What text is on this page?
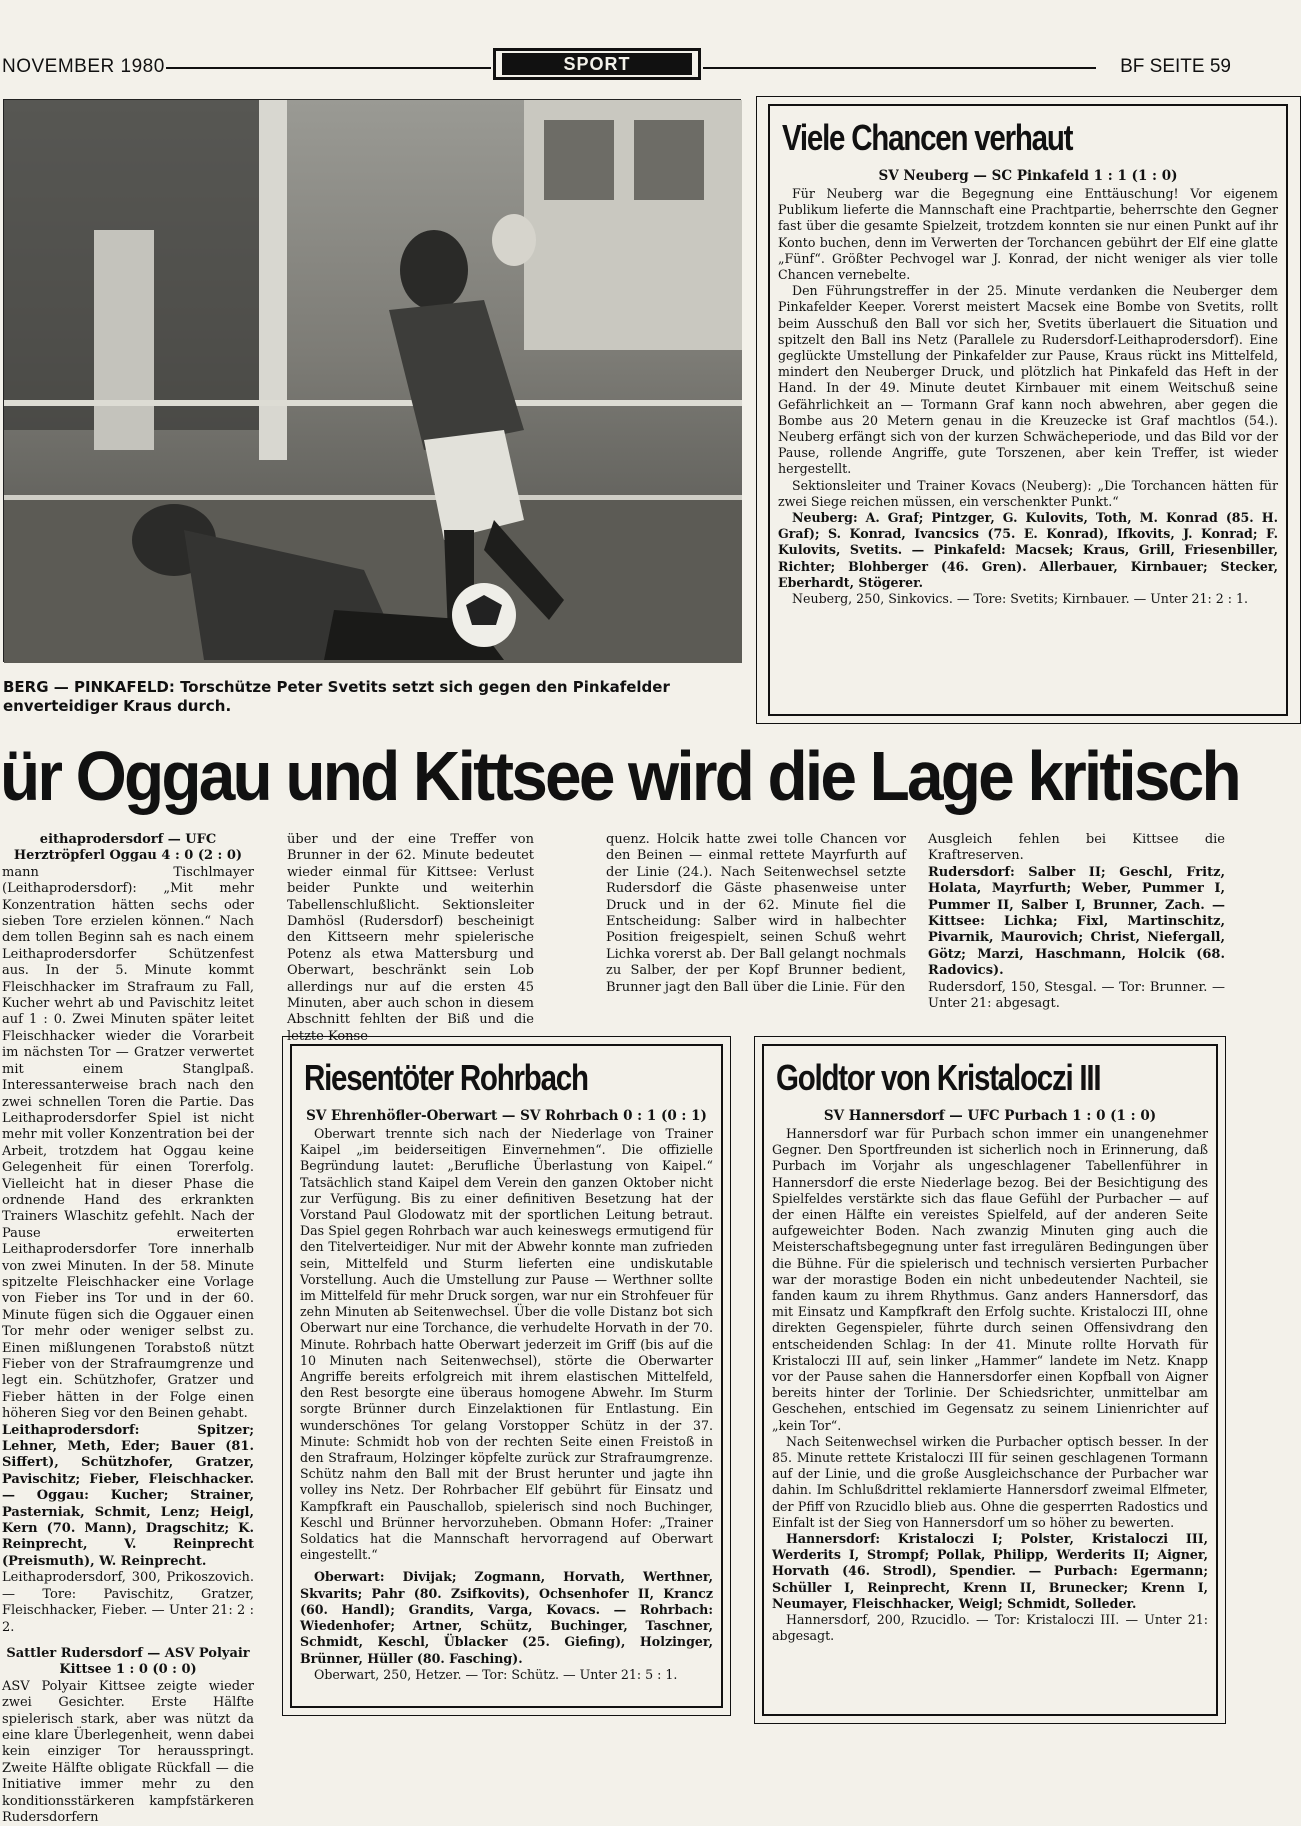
NOVEMBER 1980	SPORT	BF SEITE 59
BERG — PINKAFELD: Torschütze Peter Svetits setzt sich gegen den Pinkafelder enverteidiger Kraus durch.
Viele Chancen verhaut
SV Neuberg — SC Pinkafeld 1 : 1 (1 : 0)

Für Neuberg war die Begegnung eine Enttäuschung! Vor eigenem Publikum lieferte die Mannschaft eine Prachtpartie, beherrschte den Gegner fast über die gesamte Spielzeit, trotzdem konnten sie nur einen Punkt auf ihr Konto buchen, denn im Verwerten der Torchancen gebührt der Elf eine glatte „Fünf“. Größter Pechvogel war J. Konrad, der nicht weniger als vier tolle Chancen vernebelte.

Den Führungstreffer in der 25. Minute verdanken die Neuberger dem Pinkafelder Keeper. Vorerst meistert Macsek eine Bombe von Svetits, rollt beim Ausschuß den Ball vor sich her, Svetits überlauert die Situation und spitzelt den Ball ins Netz (Parallele zu Rudersdorf-Leithaprodersdorf). Eine geglückte Umstellung der Pinkafelder zur Pause, Kraus rückt ins Mittelfeld, mindert den Neuberger Druck, und plötzlich hat Pinkafeld das Heft in der Hand. In der 49. Minute deutet Kirnbauer mit einem Weitschuß seine Gefährlichkeit an — Tormann Graf kann noch abwehren, aber gegen die Bombe aus 20 Metern genau in die Kreuzecke ist Graf machtlos (54.). Neuberg erfängt sich von der kurzen Schwächeperiode, und das Bild vor der Pause, rollende Angriffe, gute Torszenen, aber kein Treffer, ist wieder hergestellt.

Sektionsleiter und Trainer Kovacs (Neuberg): „Die Torchancen hätten für zwei Siege reichen müssen, ein verschenkter Punkt.“

Neuberg: A. Graf; Pintzger, G. Kulovits, Toth, M. Konrad (85. H. Graf); S. Konrad, Ivancsics (75. E. Konrad), Ifkovits, J. Konrad; F. Kulovits, Svetits. — Pinkafeld: Macsek; Kraus, Grill, Friesenbiller, Richter; Blohberger (46. Gren). Allerbauer, Kirnbauer; Stecker, Eberhardt, Stögerer.

Neuberg, 250, Sinkovics. — Tore: Svetits; Kirnbauer. — Unter 21: 2 : 1.

ür Oggau und Kittsee wird die Lage kritisch

eithaprodersdorf — UFC Herztröpferl Oggau 4 : 0 (2 : 0)

mann Tischlmayer (Leithaprodersdorf): „Mit mehr Konzentration hätten sechs oder sieben Tore erzielen können.“ Nach dem tollen Beginn sah es nach einem Leithaprodersdorfer Schützenfest aus. In der 5. Minute kommt Fleischhacker im Strafraum zu Fall, Kucher wehrt ab und Pavischitz leitet auf 1 : 0. Zwei Minuten später leitet Fleischhacker wieder die Vorarbeit im nächsten Tor — Gratzer verwertet mit einem Stanglpaß. Interessanterweise brach nach den zwei schnellen Toren die Partie. Das Leithaprodersdorfer Spiel ist nicht mehr mit voller Konzentration bei der Arbeit, trotzdem hat Oggau keine Gelegenheit für einen Torerfolg. Vielleicht hat in dieser Phase die ordnende Hand des erkrankten Trainers Wlaschitz gefehlt. Nach der Pause erweiterten Leithaprodersdorfer Tore innerhalb von zwei Minuten. In der 58. Minute spitzelte Fleischhacker eine Vorlage von Fieber ins Tor und in der 60. Minute fügen sich die Oggauer einen Tor mehr oder weniger selbst zu. Einen mißlungenen Torabstoß nützt Fieber von der Strafraumgrenze und legt ein. Schützhofer, Gratzer und Fieber hätten in der Folge einen höheren Sieg vor den Beinen gehabt.

Leithaprodersdorf: Spitzer; Lehner, Meth, Eder; Bauer (81. Siffert), Schützhofer, Gratzer, Pavischitz; Fieber, Fleischhacker. — Oggau: Kucher; Strainer, Pasterniak, Schmit, Lenz; Heigl, Kern (70. Mann), Dragschitz; K. Reinprecht, V. Reinprecht (Preismuth), W. Reinprecht.

Leithaprodersdorf, 300, Prikoszovich. — Tore: Pavischitz, Gratzer, Fleischhacker, Fieber. — Unter 21: 2 : 2.

Sattler Rudersdorf — ASV Polyair Kittsee 1 : 0 (0 : 0)

ASV Polyair Kittsee zeigte wieder zwei Gesichter. Erste Hälfte spielerisch stark, aber was nützt da eine klare Überlegenheit, wenn dabei kein einziger Tor herausspringt. Zweite Hälfte obligate Rückfall — die Initiative immer mehr zu den konditionsstärkeren kampfstärkeren Rudersdorfern

über und der eine Treffer von Brunner in der 62. Minute bedeutet wieder einmal für Kittsee: Verlust beider Punkte und weiterhin Tabellenschlußlicht. Sektionsleiter Damhösl (Rudersdorf) bescheinigt den Kittseern mehr spielerische Potenz als etwa Mattersburg und Oberwart, beschränkt sein Lob allerdings nur auf die ersten 45 Minuten, aber auch schon in diesem Abschnitt fehlten der Biß und die letzte Konse-

quenz. Holcik hatte zwei tolle Chancen vor den Beinen — einmal rettete Mayrfurth auf der Linie (24.). Nach Seitenwechsel setzte Rudersdorf die Gäste phasenweise unter Druck und in der 62. Minute fiel die Entscheidung: Salber wird in halbechter Position freigespielt, seinen Schuß wehrt Lichka vorerst ab. Der Ball gelangt nochmals zu Salber, der per Kopf Brunner bedient, Brunner jagt den Ball über die Linie. Für den

Ausgleich fehlen bei Kittsee die Kraftreserven.

Rudersdorf: Salber II; Geschl, Fritz, Holata, Mayrfurth; Weber, Pummer I, Pummer II, Salber I, Brunner, Zach. — Kittsee: Lichka; Fixl, Martinschitz, Pivarnik, Maurovich; Christ, Niefergall, Götz; Marzi, Haschmann, Holcik (68. Radovics).

Rudersdorf, 150, Stesgal. — Tor: Brunner. — Unter 21: abgesagt.

Riesentöter Rohrbach
SV Ehrenhöfler-Oberwart — SV Rohrbach 0 : 1 (0 : 1)

Oberwart trennte sich nach der Niederlage von Trainer Kaipel „im beiderseitigen Einvernehmen“. Die offizielle Begründung lautet: „Berufliche Überlastung von Kaipel.“ Tatsächlich stand Kaipel dem Verein den ganzen Oktober nicht zur Verfügung. Bis zu einer definitiven Besetzung hat der Vorstand Paul Glodowatz mit der sportlichen Leitung betraut. Das Spiel gegen Rohrbach war auch keineswegs ermutigend für den Titelverteidiger. Nur mit der Abwehr konnte man zufrieden sein, Mittelfeld und Sturm lieferten eine undiskutable Vorstellung. Auch die Umstellung zur Pause — Werthner sollte im Mittelfeld für mehr Druck sorgen, war nur ein Strohfeuer für zehn Minuten ab Seitenwechsel. Über die volle Distanz bot sich Oberwart nur eine Torchance, die verhudelte Horvath in der 70. Minute. Rohrbach hatte Oberwart jederzeit im Griff (bis auf die 10 Minuten nach Seitenwechsel), störte die Oberwarter Angriffe bereits erfolgreich mit ihrem elastischen Mittelfeld, den Rest besorgte eine überaus homogene Abwehr. Im Sturm sorgte Brünner durch Einzelaktionen für Entlastung. Ein wunderschönes Tor gelang Vorstopper Schütz in der 37. Minute: Schmidt hob von der rechten Seite einen Freistoß in den Strafraum, Holzinger köpfelte zurück zur Strafraumgrenze. Schütz nahm den Ball mit der Brust herunter und jagte ihn volley ins Netz. Der Rohrbacher Elf gebührt für Einsatz und Kampfkraft ein Pauschallob, spielerisch sind noch Buchinger, Keschl und Brünner hervorzuheben. Obmann Hofer: „Trainer Soldatics hat die Mannschaft hervorragend auf Oberwart eingestellt.“

Oberwart: Divijak; Zogmann, Horvath, Werthner, Skvarits; Pahr (80. Zsifkovits), Ochsenhofer II, Krancz (60. Handl); Grandits, Varga, Kovacs. — Rohrbach: Wiedenhofer; Artner, Schütz, Buchinger, Taschner, Schmidt, Keschl, Üblacker (25. Giefing), Holzinger, Brünner, Hüller (80. Fasching).

Oberwart, 250, Hetzer. — Tor: Schütz. — Unter 21: 5 : 1.

Goldtor von Kristaloczi III
SV Hannersdorf — UFC Purbach 1 : 0 (1 : 0)

Hannersdorf war für Purbach schon immer ein unangenehmer Gegner. Den Sportfreunden ist sicherlich noch in Erinnerung, daß Purbach im Vorjahr als ungeschlagener Tabellenführer in Hannersdorf die erste Niederlage bezog. Bei der Besichtigung des Spielfeldes verstärkte sich das flaue Gefühl der Purbacher — auf der einen Hälfte ein vereistes Spielfeld, auf der anderen Seite aufgeweichter Boden. Nach zwanzig Minuten ging auch die Meisterschaftsbegegnung unter fast irregulären Bedingungen über die Bühne. Für die spielerisch und technisch versierten Purbacher war der morastige Boden ein nicht unbedeutender Nachteil, sie fanden kaum zu ihrem Rhythmus. Ganz anders Hannersdorf, das mit Einsatz und Kampfkraft den Erfolg suchte. Kristaloczi III, ohne direkten Gegenspieler, führte durch seinen Offensivdrang den entscheidenden Schlag: In der 41. Minute rollte Horvath für Kristaloczi III auf, sein linker „Hammer“ landete im Netz. Knapp vor der Pause sahen die Hannersdorfer einen Kopfball von Aigner bereits hinter der Torlinie. Der Schiedsrichter, unmittelbar am Geschehen, entschied im Gegensatz zu seinem Linienrichter auf „kein Tor“.

Nach Seitenwechsel wirken die Purbacher optisch besser. In der 85. Minute rettete Kristaloczi III für seinen geschlagenen Tormann auf der Linie, und die große Ausgleichschance der Purbacher war dahin. Im Schlußdrittel reklamierte Hannersdorf zweimal Elfmeter, der Pfiff von Rzucidlo blieb aus. Ohne die gesperrten Radostics und Einfalt ist der Sieg von Hannersdorf um so höher zu bewerten.

Hannersdorf: Kristaloczi I; Polster, Kristaloczi III, Werderits I, Strompf; Pollak, Philipp, Werderits II; Aigner, Horvath (46. Strodl), Spendier. — Purbach: Egermann; Schüller I, Reinprecht, Krenn II, Brunecker; Krenn I, Neumayer, Fleischhacker, Weigl; Schmidt, Solleder.

Hannersdorf, 200, Rzucidlo. — Tor: Kristaloczi III. — Unter 21: abgesagt.
